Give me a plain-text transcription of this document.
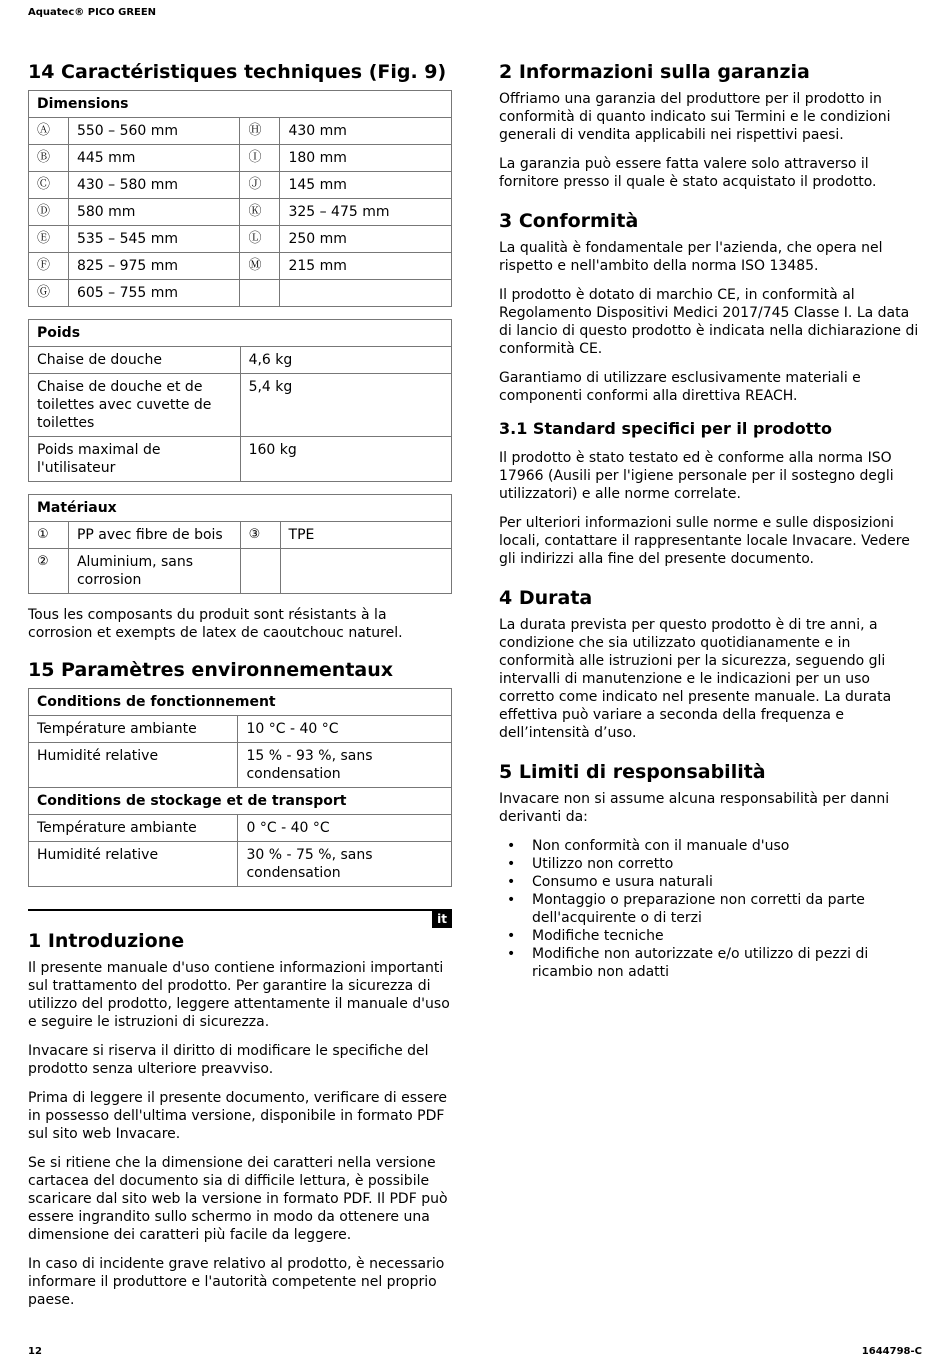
Aquatec® PICO GREEN
14 Caractéristiques techniques (Fig. 9)
Dimensions			
Ⓐ	550 – 560 mm	Ⓗ	430 mm
Ⓑ	445 mm	Ⓘ	180 mm
Ⓒ	430 – 580 mm	Ⓙ	145 mm
Ⓓ	580 mm	Ⓚ	325 – 475 mm
Ⓔ	535 – 545 mm	Ⓛ	250 mm
Ⓕ	825 – 975 mm	Ⓜ	215 mm
Ⓖ	605 – 755 mm		
Poids	
Chaise de douche	4,6 kg
Chaise de douche et de toilettes avec cuvette de toilettes	5,4 kg
Poids maximal de l'utilisateur	160 kg
Matériaux			
①	PP avec fibre de bois	③	TPE
②	Aluminium, sans corrosion		

Tous les composants du produit sont résistants à la corrosion et exempts de latex de caoutchouc naturel.

15 Paramètres environnementaux
Conditions de fonctionnement	
Température ambiante	10 °C - 40 °C
Humidité relative	15 % - 93 %, sans condensation
Conditions de stockage et de transport	
Température ambiante	0 °C - 40 °C
Humidité relative	30 % - 75 %, sans condensation
it
1 Introduzione

Il presente manuale d'uso contiene informazioni importanti sul trattamento del prodotto. Per garantire la sicurezza di utilizzo del prodotto, leggere attentamente il manuale d'uso e seguire le istruzioni di sicurezza.

Invacare si riserva il diritto di modificare le specifiche del prodotto senza ulteriore preavviso.

Prima di leggere il presente documento, verificare di essere in possesso dell'ultima versione, disponibile in formato PDF sul sito web Invacare.

Se si ritiene che la dimensione dei caratteri nella versione cartacea del documento sia di difficile lettura, è possibile scaricare dal sito web la versione in formato PDF. Il PDF può essere ingrandito sullo schermo in modo da ottenere una dimensione dei caratteri più facile da leggere.

In caso di incidente grave relativo al prodotto, è necessario informare il produttore e l'autorità competente nel proprio paese.

2 Informazioni sulla garanzia

Offriamo una garanzia del produttore per il prodotto in conformità di quanto indicato sui Termini e le condizioni generali di vendita applicabili nei rispettivi paesi.

La garanzia può essere fatta valere solo attraverso il fornitore presso il quale è stato acquistato il prodotto.

3 Conformità

La qualità è fondamentale per l'azienda, che opera nel rispetto e nell'ambito della norma ISO 13485.

Il prodotto è dotato di marchio CE, in conformità al Regolamento Dispositivi Medici 2017/745 Classe I. La data di lancio di questo prodotto è indicata nella dichiarazione di conformità CE.

Garantiamo di utilizzare esclusivamente materiali e componenti conformi alla direttiva REACH.

3.1 Standard specifici per il prodotto

Il prodotto è stato testato ed è conforme alla norma ISO 17966 (Ausili per l'igiene personale per il sostegno degli utilizzatori) e alle norme correlate.

Per ulteriori informazioni sulle norme e sulle disposizioni locali, contattare il rappresentante locale Invacare. Vedere gli indirizzi alla fine del presente documento.

4 Durata

La durata prevista per questo prodotto è di tre anni, a condizione che sia utilizzato quotidianamente e in conformità alle istruzioni per la sicurezza, seguendo gli intervalli di manutenzione e le indicazioni per un uso corretto come indicato nel presente manuale. La durata effettiva può variare a seconda della frequenza e dell’intensità d’uso.

5 Limiti di responsabilità

Invacare non si assume alcuna responsabilità per danni derivanti da:

• Non conformità con il manuale d'uso
• Utilizzo non corretto
• Consumo e usura naturali
• Montaggio o preparazione non corretti da parte dell'acquirente o di terzi
• Modifiche tecniche
• Modifiche non autorizzate e/o utilizzo di pezzi di ricambio non adatti
12	1644798-C
